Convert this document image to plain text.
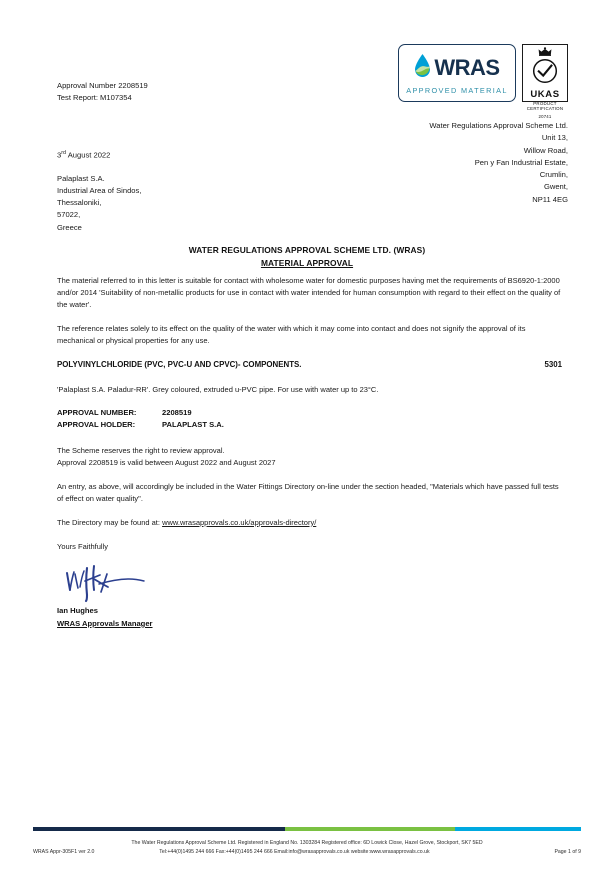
WRAS
APPROVED MATERIAL UKAS
PRODUCT
CERTIFICATION
20741
Approval Number 2208519
Test Report: M107354
Water Regulations Approval Scheme Ltd.
Unit 13,
Willow Road,
Pen y Fan Industrial Estate,
Crumlin,
Gwent,
NP11 4EG
3rd August 2022
Palaplast S.A.
Industrial Area of Sindos,
Thessaloniki,
57022,
Greece
WATER REGULATIONS APPROVAL SCHEME LTD. (WRAS)
MATERIAL APPROVAL
The material referred to in this letter is suitable for contact with wholesome water for domestic purposes having met the requirements of BS6920-1:2000 and/or 2014 'Suitability of non-metallic products for use in contact with water intended for human consumption with regard to their effect on the quality of the water'.
The reference relates solely to its effect on the quality of the water with which it may come into contact and does not signify the approval of its mechanical or physical properties for any use.
POLYVINYLCHLORIDE (PVC, PVC-U AND CPVC)- COMPONENTS.	5301
'Palaplast S.A. Paladur-RR'. Grey coloured, extruded u-PVC pipe. For use with water up to 23°C.
APPROVAL NUMBER:	2208519
APPROVAL HOLDER:	PALAPLAST S.A.
The Scheme reserves the right to review approval.
Approval 2208519 is valid between August 2022 and August 2027
An entry, as above, will accordingly be included in the Water Fittings Directory on-line under the section headed, "Materials which have passed full tests of effect on water quality".
The Directory may be found at: www.wrasapprovals.co.uk/approvals-directory/
Yours Faithfully
Ian Hughes
WRAS Approvals Manager
The Water Regulations Approval Scheme Ltd. Registered in England No. 1303284 Registered office: 6D Lowick Close, Hazel Grove, Stockport, SK7 5ED
WRAS Appr-305F1 ver 2.0	Tel:+44(0)1495 244 666 Fax:+44(0)1495 244 666 Email:info@wrasapprovals.co.uk website:www.wrasapprovals.co.uk	Page 1 of 9
